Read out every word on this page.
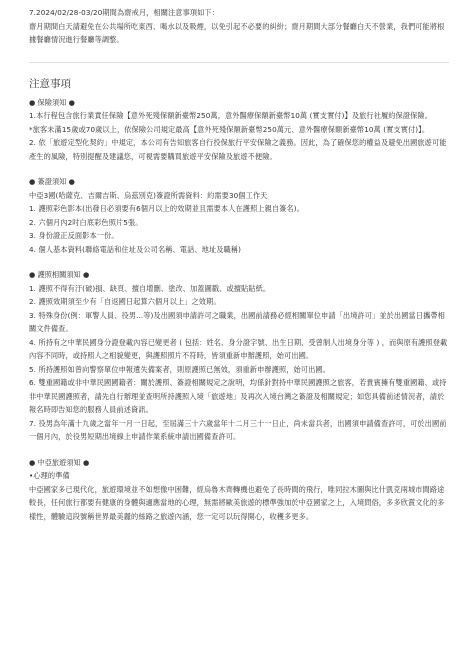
7.2024/02/28-03/20期間為齋戒月，相關注意事項如下：

齋月期間白天請避免在公共場所吃東西、喝水以及吸煙，以免引起不必要的糾紛；齋月期間大部分餐廳白天不營業，我們可能將根據餐廳情況進行餐廳等調整。

注意事項

● 保險須知 ●

1.本行程包含旅行業責任保險【意外死殘保額新臺幣250萬，意外醫療保額新臺幣10萬 (實支實付)】及旅行社履約保證保險。

*旅客未滿15歲或70歲以上，依保險公司規定最高【意外死殘保額新臺幣250萬元、意外醫療保額新臺幣10萬 (實支實付)】。

2. 依「旅遊定型化契約」中規定，本公司有告知旅客自行投保旅行平安保險之義務。因此，為了確保您的權益及避免出國旅遊可能產生的風險，特別提醒及建議您，可視需要購買旅遊平安保險及旅遊不便險。

● 簽證須知 ●

中亞3國(哈薩克、吉爾吉斯、烏茲別克)簽證所需資料：約需要30個工作天

1. 護照彩色影本(出發日必須要有6個月以上的效期並且需要本人在護照上親自簽名)。

2. 六個月內2吋白底彩色照片5張。

3. 身份證正反面影本一份。

4. 個人基本資料(聯絡電話和住址及公司名稱、電話、地址及職稱)

● 護照相關須知 ●

1. 護照不得有汙(破)損、缺頁、擅自增刪、塗改、加蓋圖戳、或擅貼貼紙。

2. 護照效期須至少有「自返國日起算六個月以上」之效期。

3. 特殊身份(例：軍警人員、役男...等)及出國須申請許可之職業，出國前請務必經相關單位申請「出境許可」並於出國當日攜帶相關文件備查。

4. 所持有之中華民國身分證登載內容已變更者 ( 包括：姓名、身分證字號、出生日期、受曾制人出境身分等 ) ，而與原有護照登載內容不同時，或持照人之相貌變更，與護照照片不符時，皆須重新申辦護照，始可出國。

5. 所持護照如曾向警察單位申報遺失備案者，則原護照已無效，須重新申辦護照，始可出國。

6. 雙重國籍或非中華民國國籍者：關於護照、簽證相關規定之說明，均係針對持中華民國護照之旅客，若貴賓擁有雙重國籍、或持非中華民國護照者，請先自行辦理並查明所持護照入境「旅遊地」及再次入境台灣之簽證及相關規定；如您具備前述情況者，請於報名時即告知您的服務人員前述資訊。

7. 役男為年滿十九歲之當年一月一日起，至屆滿三十六歲當年十二月三十一日止，尚未當兵者，出國須申請備查許可，可於出國前一個月內，於役男短期出境線上申請作業系統申請出國備查許可。

● 中亞旅遊須知 ●

•心理的準備

中亞國家多已現代化，旅遊環境並不如想像中困難，經烏魯木齊轉機也避免了長時間的飛行，唯同拉木圖與比什凱克兩城市間路途較長，任何旅行都要有健康的身體與適應當地的心理，無需將歐美旅遊的標準強加於中亞國家之上，入境問俗，多多欣賞文化的多樣性，體驗這段號稱世界最美麗的絲路之旅遊內涵，您一定可以玩得開心，收穫多更多。
